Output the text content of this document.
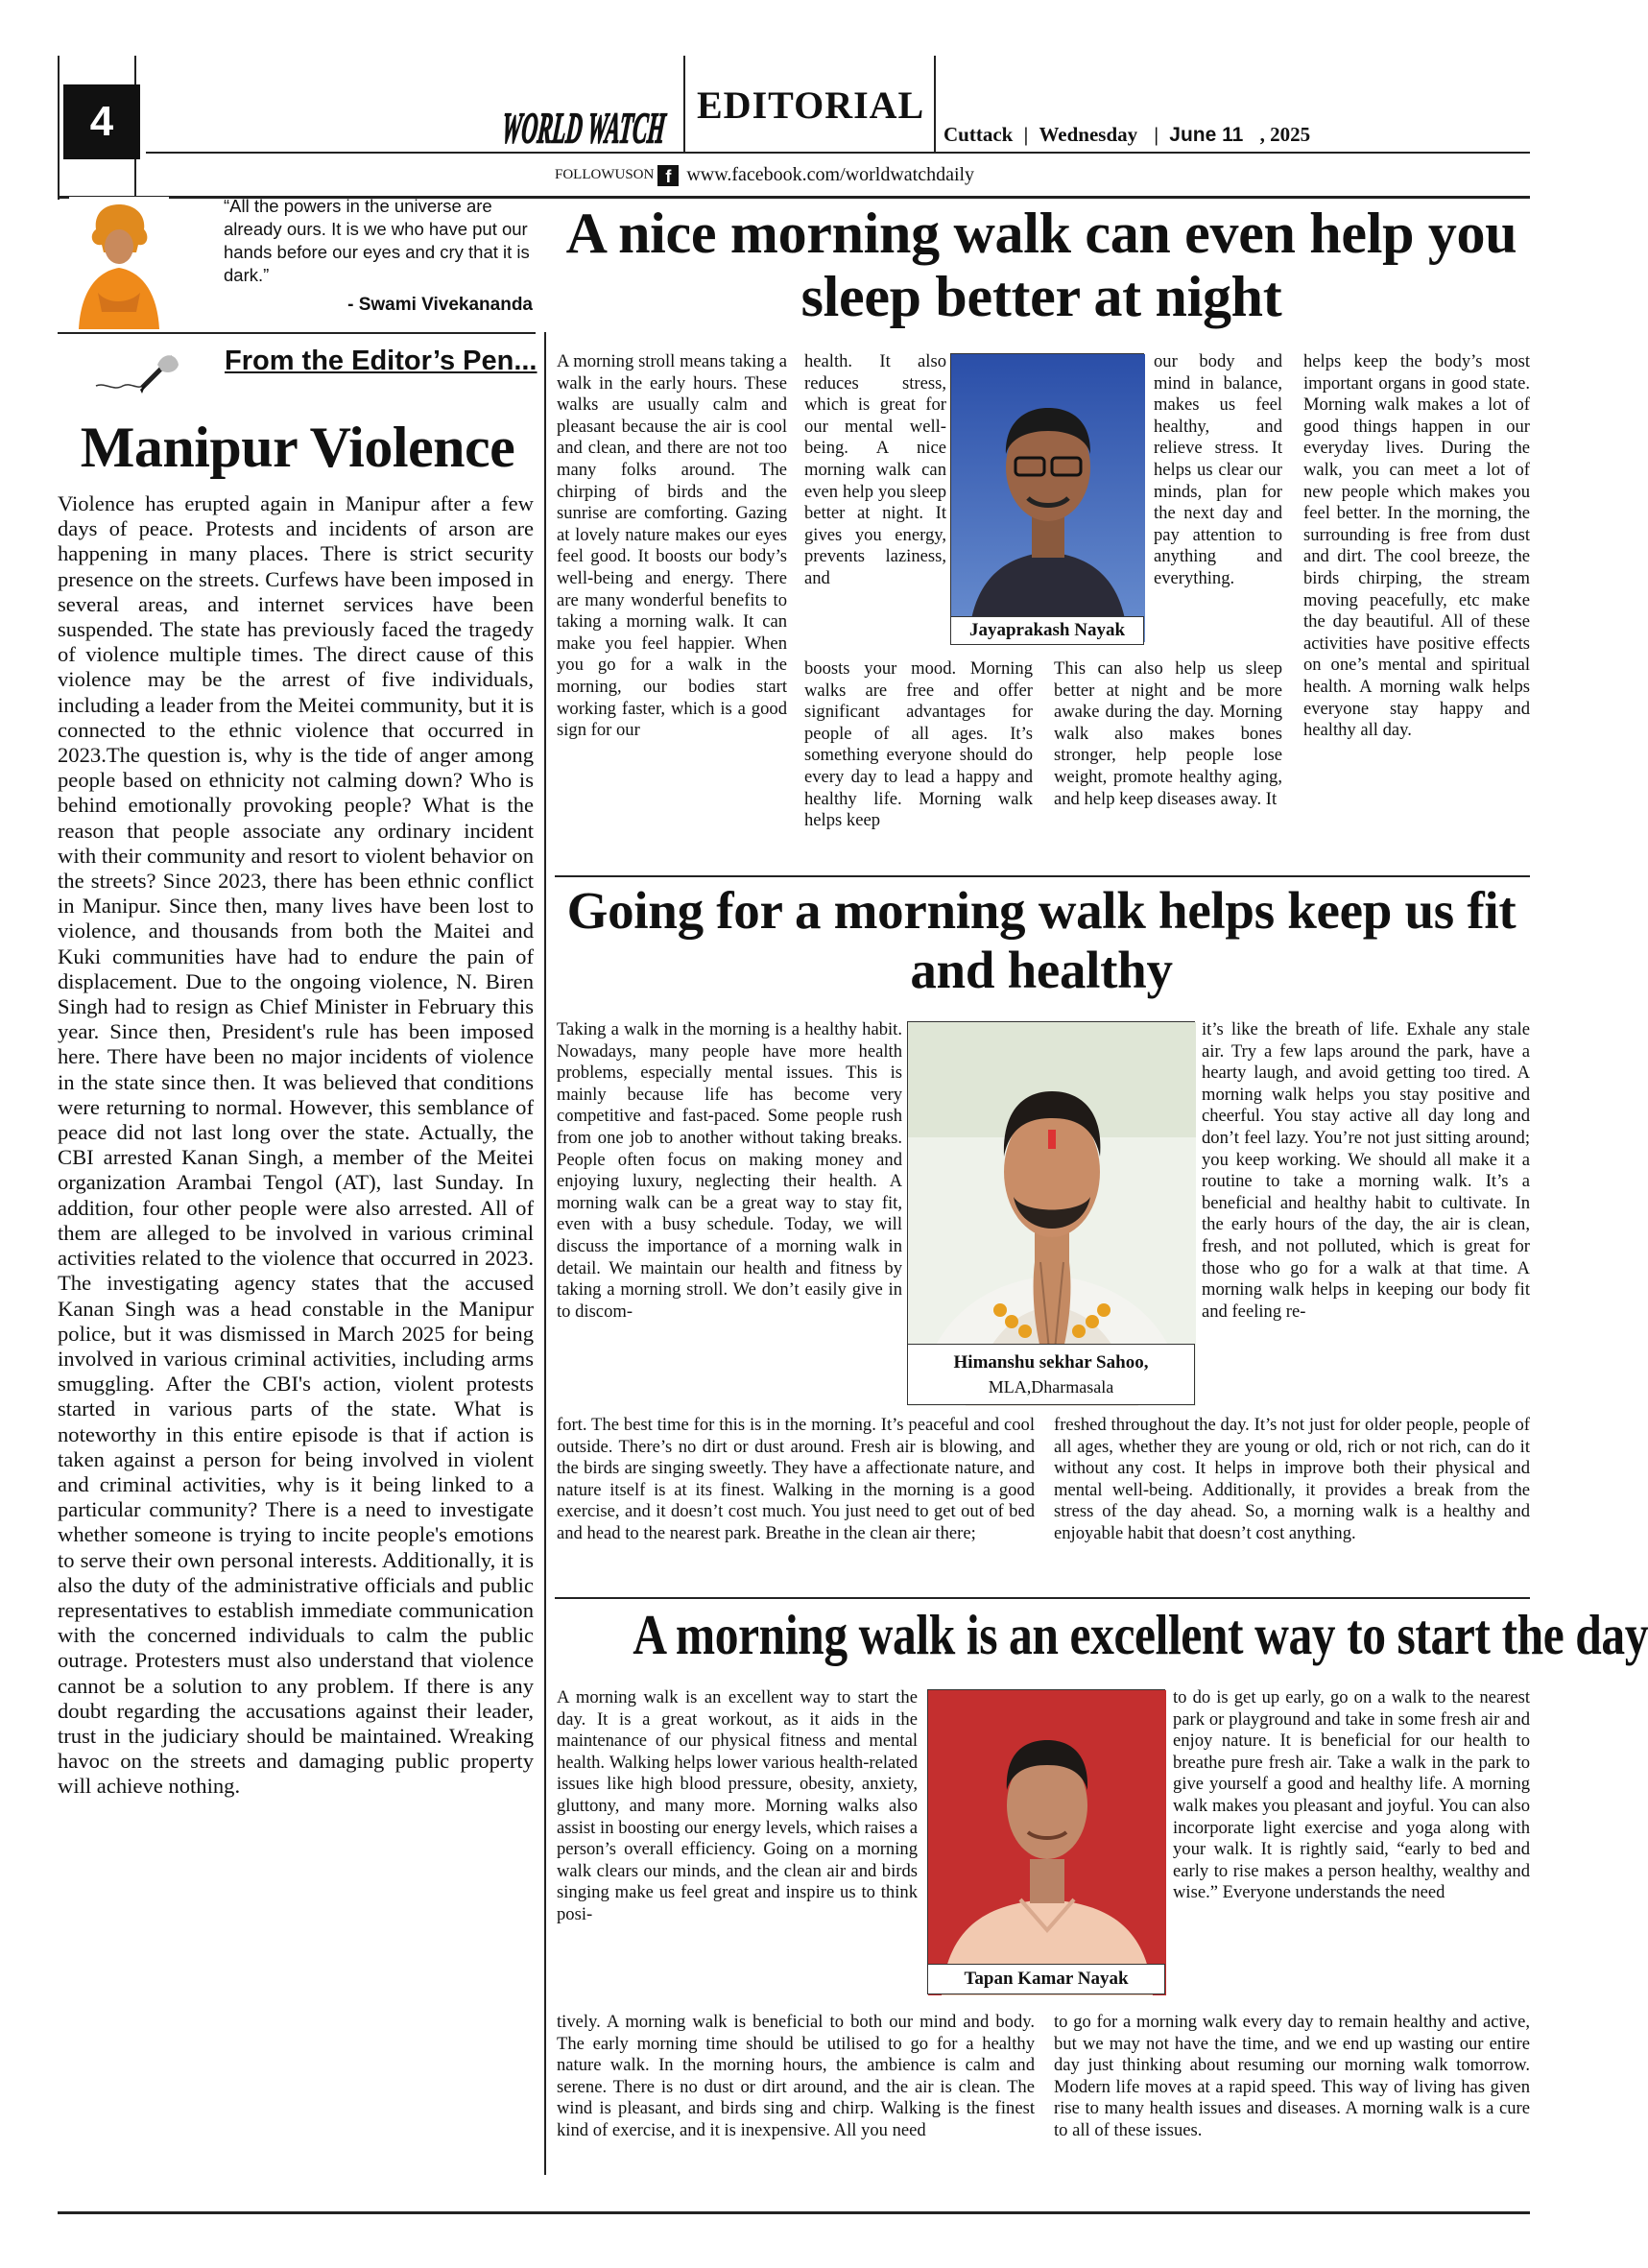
4	WORLD WATCH
EDITORIAL
Cuttack | Wednesday | June 11 , 2025
FOLLOWUSON f www.facebook.com/worldwatchdaily
“All the powers in the universe are already ours. It is we who have put our hands before our eyes and cry that it is dark.”
- Swami Vivekananda
From the Editor’s Pen...
Manipur Violence
Violence has erupted again in Manipur after a few days of peace. Protests and incidents of arson are happening in many places. There is strict security presence on the streets. Curfews have been imposed in several areas, and internet services have been suspended. The state has previously faced the tragedy of violence multiple times. The direct cause of this violence may be the arrest of five individuals, including a leader from the Meitei community, but it is connected to the ethnic violence that occurred in 2023.The question is, why is the tide of anger among people based on ethnicity not calming down? Who is behind emotionally provoking people? What is the reason that people associate any ordinary incident with their community and resort to violent behavior on the streets? Since 2023, there has been ethnic conflict in Manipur. Since then, many lives have been lost to violence, and thousands from both the Maitei and Kuki communities have had to endure the pain of displacement. Due to the ongoing violence, N. Biren Singh had to resign as Chief Minister in February this year. Since then, President's rule has been imposed here. There have been no major incidents of violence in the state since then. It was believed that conditions were returning to normal. However, this semblance of peace did not last long over the state. Actually, the CBI arrested Kanan Singh, a member of the Meitei organization Arambai Tengol (AT), last Sunday. In addition, four other people were also arrested. All of them are alleged to be involved in various criminal activities related to the violence that occurred in 2023. The investigating agency states that the accused Kanan Singh was a head constable in the Manipur police, but it was dismissed in March 2025 for being involved in various criminal activities, including arms smuggling. After the CBI's action, violent protests started in various parts of the state. What is noteworthy in this entire episode is that if action is taken against a person for being involved in violent and criminal activities, why is it being linked to a particular community? There is a need to investigate whether someone is trying to incite people's emotions to serve their own personal interests. Additionally, it is also the duty of the administrative officials and public representatives to establish immediate communication with the concerned individuals to calm the public outrage. Protesters must also understand that violence cannot be a solution to any problem. If there is any doubt regarding the accusations against their leader, trust in the judiciary should be maintained. Wreaking havoc on the streets and damaging public property will achieve nothing.
A nice morning walk can even help you sleep better at night
A morning stroll means taking a walk in the early hours. These walks are usually calm and pleasant because the air is cool and clean, and there are not too many folks around. The chirping of birds and the sunrise are comforting. Gazing at lovely nature makes our eyes feel good. It boosts our body’s well-being and energy. There are many wonderful benefits to taking a morning walk. It can make you feel happier. When you go for a walk in the morning, our bodies start working faster, which is a good sign for our
health. It also reduces stress, which is great for our mental well-being. A nice morning walk can even help you sleep better at night. It gives you energy, prevents laziness, and
boosts your mood. Morning walks are free and offer significant advantages for people of all ages. It’s something everyone should do every day to lead a happy and healthy life. Morning walk helps keep
our body and mind in balance, makes us feel healthy, and relieve stress. It helps us clear our minds, plan for the next day and pay attention to anything and everything.
This can also help us sleep better at night and be more awake during the day. Morning walk also makes bones stronger, help people lose weight, promote healthy aging, and help keep diseases away. It
helps keep the body’s most important organs in good state. Morning walk makes a lot of good things happen in our everyday lives. During the walk, you can meet a lot of new people which makes you feel better. In the morning, the surrounding is free from dust and dirt. The cool breeze, the birds chirping, the stream moving peacefully, etc make the day beautiful. All of these activities have positive effects on one’s mental and spiritual health. A morning walk helps everyone stay happy and healthy all day.
Jayaprakash Nayak
Going for a morning walk helps keep us fit and healthy
Taking a walk in the morning is a healthy habit. Nowadays, many people have more health problems, especially mental issues. This is mainly because life has become very competitive and fast-paced. Some people rush from one job to another without taking breaks. People often focus on making money and enjoying luxury, neglecting their health. A morning walk can be a great way to stay fit, even with a busy schedule. Today, we will discuss the importance of a morning walk in detail. We maintain our health and fitness by taking a morning stroll. We don’t easily give in to discom-
fort. The best time for this is in the morning. It’s peaceful and cool outside. There’s no dirt or dust around. Fresh air is blowing, and the birds are singing sweetly. They have a affectionate nature, and nature itself is at its finest. Walking in the morning is a good exercise, and it doesn’t cost much. You just need to get out of bed and head to the nearest park. Breathe in the clean air there;
it’s like the breath of life. Exhale any stale air. Try a few laps around the park, have a hearty laugh, and avoid getting too tired. A morning walk helps you stay positive and cheerful. You stay active all day long and don’t feel lazy. You’re not just sitting around; you keep working. We should all make it a routine to take a morning walk. It’s a beneficial and healthy habit to cultivate. In the early hours of the day, the air is clean, fresh, and not polluted, which is great for those who go for a walk at that time. A morning walk helps in keeping our body fit and feeling re-
freshed throughout the day. It’s not just for older people, people of all ages, whether they are young or old, rich or not rich, can do it without any cost. It helps in improve both their physical and mental well-being. Additionally, it provides a break from the stress of the day ahead. So, a morning walk is a healthy and enjoyable habit that doesn’t cost anything.
Himanshu sekhar Sahoo,
MLA,Dharmasala
A morning walk is an excellent way to start the day
A morning walk is an excellent way to start the day. It is a great workout, as it aids in the maintenance of our physical fitness and mental health. Walking helps lower various health-related issues like high blood pressure, obesity, anxiety, gluttony, and many more. Morning walks also assist in boosting our energy levels, which raises a person’s overall efficiency. Going on a morning walk clears our minds, and the clean air and birds singing make us feel great and inspire us to think posi-
tively. A morning walk is beneficial to both our mind and body. The early morning time should be utilised to go for a healthy nature walk. In the morning hours, the ambience is calm and serene. There is no dust or dirt around, and the air is clean. The wind is pleasant, and birds sing and chirp. Walking is the finest kind of exercise, and it is inexpensive. All you need
to do is get up early, go on a walk to the nearest park or playground and take in some fresh air and enjoy nature. It is beneficial for our health to breathe pure fresh air. Take a walk in the park to give yourself a good and healthy life. A morning walk makes you pleasant and joyful. You can also incorporate light exercise and yoga along with your walk. It is rightly said, “early to bed and early to rise makes a person healthy, wealthy and wise.” Everyone understands the need
to go for a morning walk every day to remain healthy and active, but we may not have the time, and we end up wasting our entire day just thinking about resuming our morning walk tomorrow. Modern life moves at a rapid speed. This way of living has given rise to many health issues and diseases. A morning walk is a cure to all of these issues.
Tapan Kamar Nayak
